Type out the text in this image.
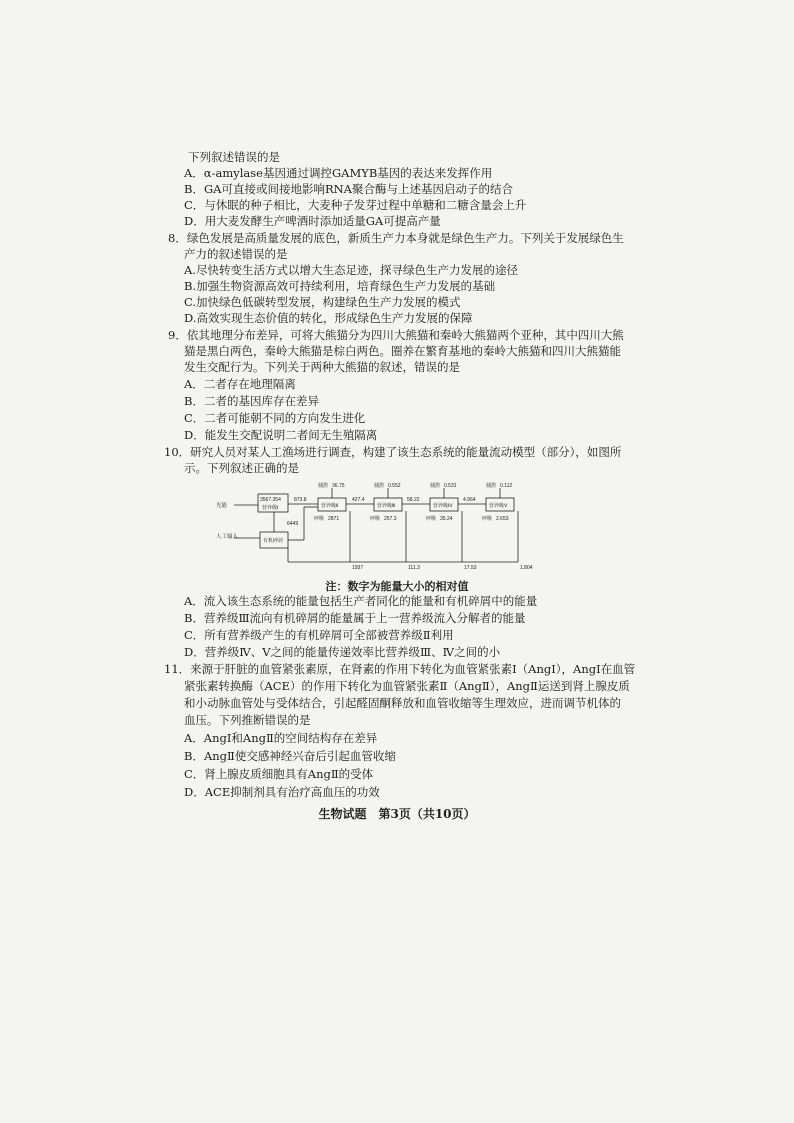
下列叙述错误的是
A．α-amylase基因通过调控GAMYB基因的表达来发挥作用
B．GA可直接或间接地影响RNA聚合酶与上述基因启动子的结合
C．与休眠的种子相比，大麦种子发芽过程中单糖和二糖含量会上升
D．用大麦发酵生产啤酒时添加适量GA可提高产量
8．绿色发展是高质量发展的底色，新质生产力本身就是绿色生产力。下列关于发展绿色生
产力的叙述错误的是
A.尽快转变生活方式以增大生态足迹，探寻绿色生产力发展的途径
B.加强生物资源高效可持续利用，培育绿色生产力发展的基础
C.加快绿色低碳转型发展，构建绿色生产力发展的模式
D.高效实现生态价值的转化，形成绿色生产力发展的保障
9．依其地理分布差异，可将大熊猫分为四川大熊猫和秦岭大熊猫两个亚种，其中四川大熊
猫是黑白两色，秦岭大熊猫是棕白两色。圈养在繁育基地的秦岭大熊猫和四川大熊猫能
发生交配行为。下列关于两种大熊猫的叙述，错误的是
A．二者存在地理隔离
B．二者的基因库存在差异
C．二者可能朝不同的方向发生进化
D．能发生交配说明二者间无生殖隔离
10．研究人员对某人工渔场进行调查，构建了该生态系统的能量流动模型（部分），如图所
示。下列叙述正确的是
光能
人工输入
3567.354
营养级Ⅰ
有机碎屑
6449
营养级Ⅱ	营养级Ⅲ	营养级Ⅳ	营养级Ⅴ
873.8	427.4	58.22	4.964
捕捞 36.75	捕捞 0.552	捕捞 0.531	捕捞 0.112
呼吸 2871	呼吸 257.3	呼吸 35.24	呼吸 2.653
1937	111.3	17.53	1.804
注：数字为能量大小的相对值
A．流入该生态系统的能量包括生产者同化的能量和有机碎屑中的能量
B．营养级Ⅲ流向有机碎屑的能量属于上一营养级流入分解者的能量
C．所有营养级产生的有机碎屑可全部被营养级Ⅱ利用
D．营养级Ⅳ、Ⅴ之间的能量传递效率比营养级Ⅲ、Ⅳ之间的小
11．来源于肝脏的血管紧张素原，在肾素的作用下转化为血管紧张素Ⅰ（AngⅠ），AngⅠ在血管
紧张素转换酶（ACE）的作用下转化为血管紧张素Ⅱ（AngⅡ），AngⅡ运送到肾上腺皮质
和小动脉血管处与受体结合，引起醛固酮释放和血管收缩等生理效应，进而调节机体的
血压。下列推断错误的是
A．AngⅠ和AngⅡ的空间结构存在差异
B．AngⅡ使交感神经兴奋后引起血管收缩
C．肾上腺皮质细胞具有AngⅡ的受体
D．ACE抑制剂具有治疗高血压的功效
生物试题　第3页（共10页）
